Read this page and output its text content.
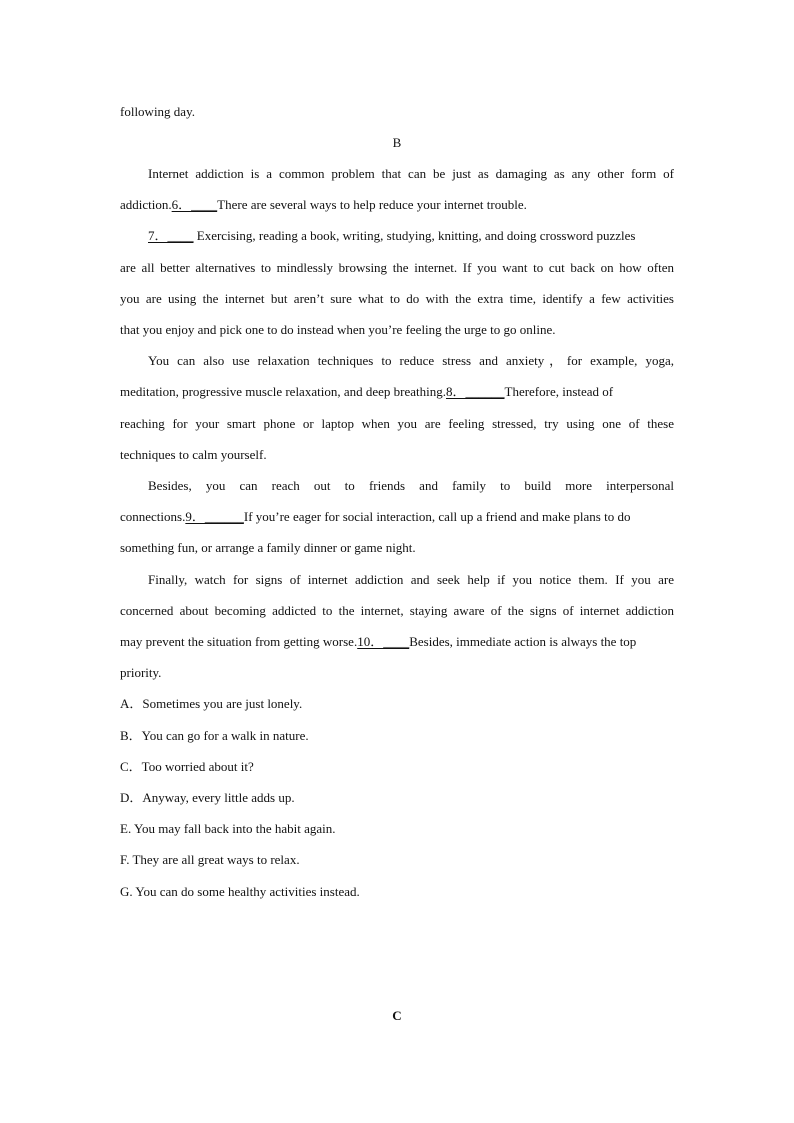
following day.
B
Internet addiction is a common problem that can be just as damaging as any other form of
addiction.6．____There are several ways to help reduce your internet trouble.
7．____ Exercising, reading a book, writing, studying, knitting, and doing crossword puzzles
are all better alternatives to mindlessly browsing the internet. If you want to cut back on how often
you are using the internet but aren’t sure what to do with the extra time, identify a few activities
that you enjoy and pick one to do instead when you’re feeling the urge to go online.
You can also use relaxation techniques to reduce stress and anxiety，for example, yoga,
meditation, progressive muscle relaxation, and deep breathing.8．______Therefore, instead of
reaching for your smart phone or laptop when you are feeling stressed, try using one of these
techniques to calm yourself.
Besides, you can reach out to friends and family to build more interpersonal
connections.9．______If you’re eager for social interaction, call up a friend and make plans to do
something fun, or arrange a family dinner or game night.
Finally, watch for signs of internet addiction and seek help if you notice them. If you are
concerned about becoming addicted to the internet, staying aware of the signs of internet addiction
may prevent the situation from getting worse.10．____Besides, immediate action is always the top
priority.
A．Sometimes you are just lonely.
B．You can go for a walk in nature.
C．Too worried about it?
D．Anyway, every little adds up.
E. You may fall back into the habit again.
F. They are all great ways to relax.
G. You can do some healthy activities instead.
C
